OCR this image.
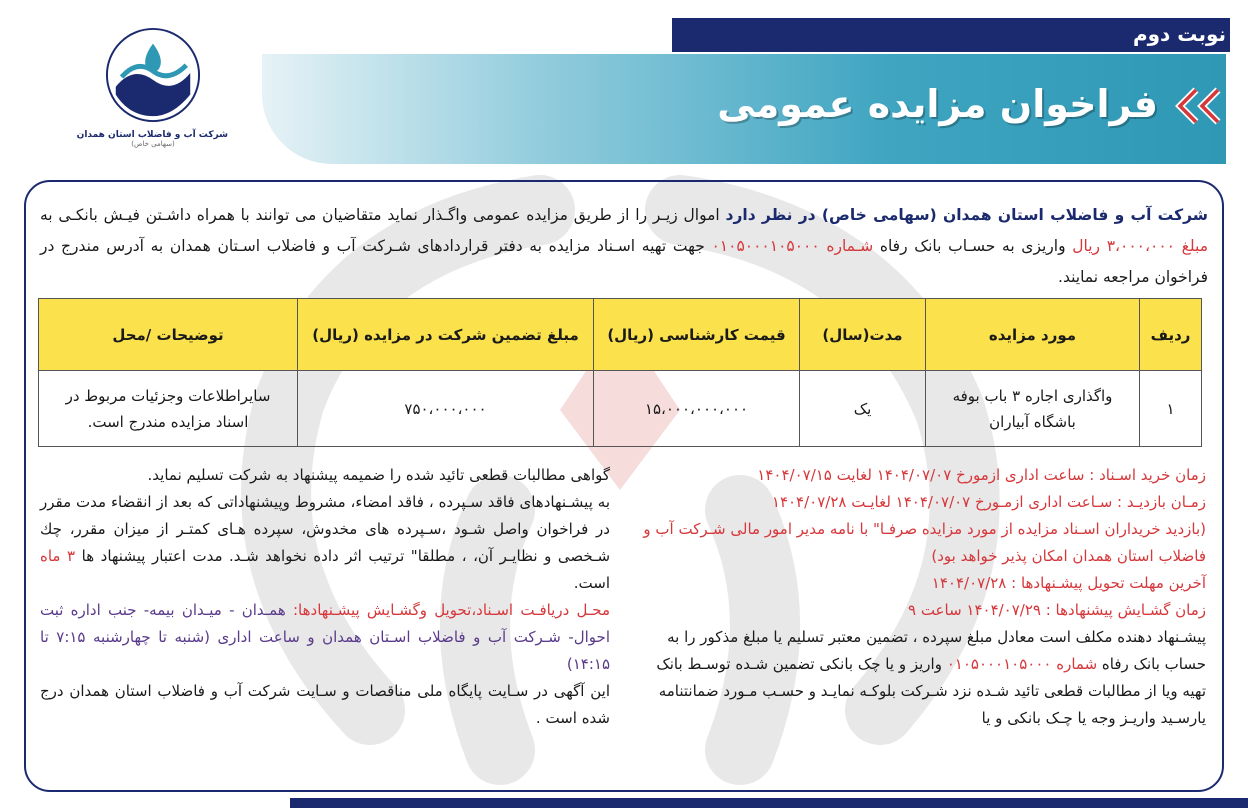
نوبت دوم
فراخوان مزایده عمومی
شرکت آب و فاضلاب استان همدان
(سهامی خاص)
شرکت آب و فاضلاب استان همدان (سهامی خاص) در نظر دارد اموال زیـر را از طریق مزایده عمومی واگـذار نماید متقاضیان می توانند با همراه داشـتن فیـش بانکـی به مبلغ ۳،۰۰۰،۰۰۰ ریال واریزی به حسـاب بانک رفاه شـماره ۰۱۰۵۰۰۰۱۰۵۰۰۰ جهت تهیه اسـناد مزایده به دفتر قراردادهای شـرکت آب و فاضلاب اسـتان همدان به آدرس مندرج در فراخوان مراجعه نمایند.
ردیف	مورد مزایده	مدت(سال)	قیمت کارشناسی (ریال)	مبلغ تضمین شرکت در مزایده (ریال)	توضیحات /محل
۱	واگذاری اجاره ۳ باب بوفه باشگاه آبیاران	یک	۱۵،۰۰۰،۰۰۰،۰۰۰	۷۵۰،۰۰۰،۰۰۰	سایراطلاعات وجزئیات مربوط در اسناد مزایده مندرج است.
زمان خرید اسـناد : ساعت اداری ازمورخ ۱۴۰۴/۰۷/۰۷ لغایت ۱۴۰۴/۰۷/۱۵
زمـان بازدیـد : سـاعت اداری ازمـورخ ۱۴۰۴/۰۷/۰۷ لغایـت ۱۴۰۴/۰۷/۲۸
(بازدید خریداران اسـناد مزایده از مورد مزایده صرفـا" با نامه مدیر امور مالی شـرکت آب و فاضلاب استان همدان امکان پذیر خواهد بود)
آخرین مهلت تحویل پیشـنهادها : ۱۴۰۴/۰۷/۲۸
زمان گشـایش پیشنهادها : ۱۴۰۴/۰۷/۲۹ ساعت ۹
پیشـنهاد دهنده مکلف است معادل مبلغ سپرده ، تضمین معتبر تسلیم یا مبلغ مذکور را به حساب بانک رفاه شماره ۰۱۰۵۰۰۰۱۰۵۰۰۰ واریز و یا چک بانکی تضمین شـده توسـط بانک تهیه ویا از مطالبات قطعی تائید شـده نزد شـرکت بلوکـه نمایـد و حسـب مـورد ضمانتنامه یارسـید واریـز وجه یا چـک بانکی و یا
گواهی مطالبات قطعی تائید شده را ضمیمه پیشنهاد به شرکت تسلیم نماید.
به پیشـنهادهای فاقد سـپرده ، فاقد امضاء، مشروط وپیشنهاداتی که بعد از انقضاء مدت مقرر در فراخوان واصل شـود ،سـپرده های مخدوش، سپرده هـای کمتـر از میزان مقرر، چك شـخصی و نظایـر آن، ، مطلقا" ترتیب اثر داده نخواهد شـد. مدت اعتبار پیشنهاد ها ۳ ماه است.
محـل دریافـت اسـناد،تحویل وگشـایش پیشـنهادها: همـدان - میـدان بیمه- جنب اداره ثبت احوال- شـرکت آب و فاضلاب اسـتان همدان و ساعت اداری (شنبه تا چهارشنبه ۷:۱۵ تا ۱۴:۱۵)
این آگهی در سـایت پایگاه ملی مناقصات و سـایت شرکت آب و فاضلاب استان همدان درج شده است .
